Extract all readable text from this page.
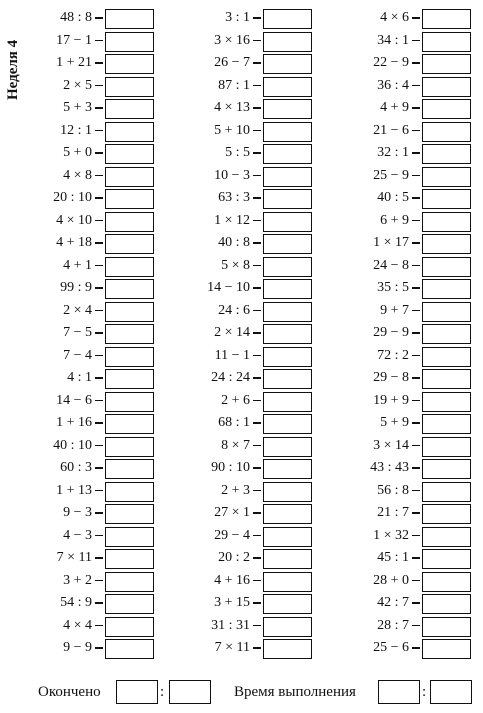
Неделя 4
48 : 8
17 − 1
1 + 21
2 × 5
5 + 3
12 : 1
5 + 0
4 × 8
20 : 10
4 × 10
4 + 18
4 + 1
99 : 9
2 × 4
7 − 5
7 − 4
4 : 1
14 − 6
1 + 16
40 : 10
60 : 3
1 + 13
9 − 3
4 − 3
7 × 11
3 + 2
54 : 9
4 × 4
9 − 9
3 : 1
3 × 16
26 − 7
87 : 1
4 × 13
5 + 10
5 : 5
10 − 3
63 : 3
1 × 12
40 : 8
5 × 8
14 − 10
24 : 6
2 × 14
11 − 1
24 : 24
2 + 6
68 : 1
8 × 7
90 : 10
2 + 3
27 × 1
29 − 4
20 : 2
4 + 16
3 + 15
31 : 31
7 × 11
4 × 6
34 : 1
22 − 9
36 : 4
4 + 9
21 − 6
32 : 1
25 − 9
40 : 5
6 + 9
1 × 17
24 − 8
35 : 5
9 + 7
29 − 9
72 : 2
29 − 8
19 + 9
5 + 9
3 × 14
43 : 43
56 : 8
21 : 7
1 × 32
45 : 1
28 + 0
42 : 7
28 : 7
25 − 6
Окончено	:	Время выполнения	:
